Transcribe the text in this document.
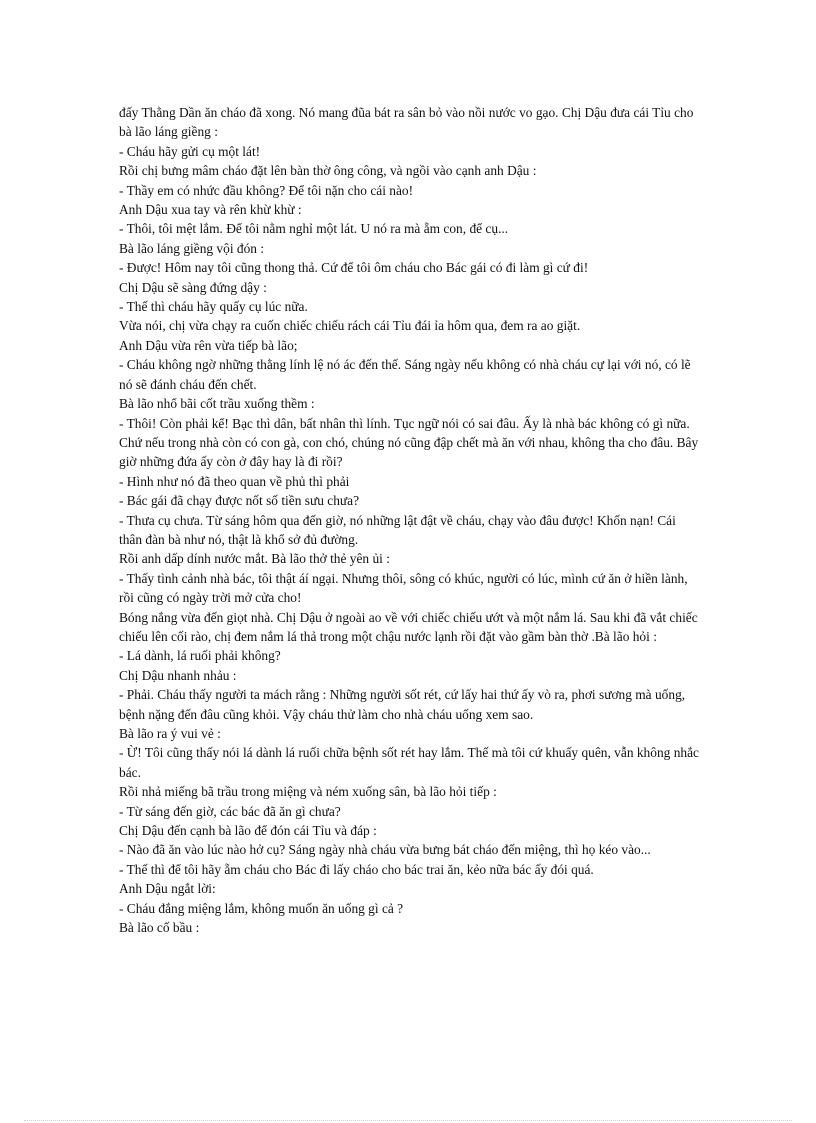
đấy Thằng Dần ăn cháo đã xong. Nó mang đũa bát ra sân bỏ vào nồi nước vo gạo. Chị Dậu đưa cái Tỉu cho bà lão láng giềng :

- Cháu hãy gửi cụ một lát!

Rồi chị bưng mâm cháo đặt lên bàn thờ ông công, và ngồi vào cạnh anh Dậu :

- Thầy em có nhức đầu không? Để tôi nặn cho cái nào!

Anh Dậu xua tay và rên khừ khừ :

- Thôi, tôi mệt lắm. Để tôi nằm nghỉ một lát. U nó ra mà ẵm con, để cụ...

Bà lão láng giềng vội đón :

- Được! Hôm nay tôi cũng thong thả. Cứ để tôi ôm cháu cho Bác gái có đi làm gì cứ đi!

Chị Dậu sẽ sàng đứng dậy :

- Thế thì cháu hãy quấy cụ lúc nữa.

Vừa nói, chị vừa chạy ra cuốn chiếc chiếu rách cái Tỉu đái ỉa hôm qua, đem ra ao giặt.

Anh Dậu vừa rên vừa tiếp bà lão;

- Cháu không ngờ những thằng lính lệ nó ác đến thế. Sáng ngày nếu không có nhà cháu cự lại với nó, có lẽ nó sẽ đánh cháu đến chết.

Bà lão nhổ bãi cốt trầu xuống thềm :

- Thôi! Còn phải kể! Bạc thì dân, bất nhân thì lính. Tục ngữ nói có sai đâu. Ấy là nhà bác không có gì nữa. Chứ nếu trong nhà còn có con gà, con chó, chúng nó cũng đập chết mà ăn với nhau, không tha cho đâu. Bây giờ những đứa ấy còn ở đây hay là đi rồi?

- Hình như nó đã theo quan về phủ thì phải

- Bác gái đã chạy được nốt số tiền sưu chưa?

- Thưa cụ chưa. Từ sáng hôm qua đến giờ, nó những lật đật về cháu, chạy vào đâu được! Khốn nạn! Cái thân đàn bà như nó, thật là khổ sở đủ đường.

Rồi anh dấp dính nước mắt. Bà lão thở thẻ yên ủi :

- Thấy tình cảnh nhà bác, tôi thật áí ngại. Nhưng thôi, sông có khúc, người có lúc, mình cứ ăn ở hiền lành, rồi cũng có ngày trời mở cửa cho!

Bóng nắng vừa đến giọt nhà. Chị Dậu ở ngoài ao về với chiếc chiếu ướt và một nắm lá. Sau khi đã vắt chiếc chiếu lên cối rào, chị đem nắm lá thả trong một chậu nước lạnh rồi đặt vào gầm bàn thờ .Bà lão hỏi :

- Lá dành, lá ruối phải không?

Chị Dậu nhanh nhảu :

- Phải. Cháu thấy người ta mách rằng : Những người sốt rét, cứ lấy hai thứ ấy vò ra, phơi sương mà uống, bệnh nặng đến đâu cũng khỏi. Vậy cháu thử làm cho nhà cháu uống xem sao.

Bà lão ra ý vui vẻ :

- Ừ! Tôi cũng thấy nói lá dành lá ruối chữa bệnh sốt rét hay lắm. Thế mà tôi cứ khuấy quên, vẫn không nhắc bác.

Rồi nhả miếng bã trầu trong miệng và ném xuống sân, bà lão hỏi tiếp :

- Từ sáng đến giờ, các bác đã ăn gì chưa?

Chị Dậu đến cạnh bà lão để đón cái Tỉu và đáp :

- Nào đã ăn vào lúc nào hở cụ? Sáng ngày nhà cháu vừa bưng bát cháo đến miệng, thì họ kéo vào...

- Thế thì để tôi hãy ẵm cháu cho Bác đi lấy cháo cho bác trai ăn, kẻo nữa bác ấy đói quá.

Anh Dậu ngắt lời:

- Cháu đắng miệng lắm, không muốn ăn uống gì cả ?

Bà lão cố bầu :
